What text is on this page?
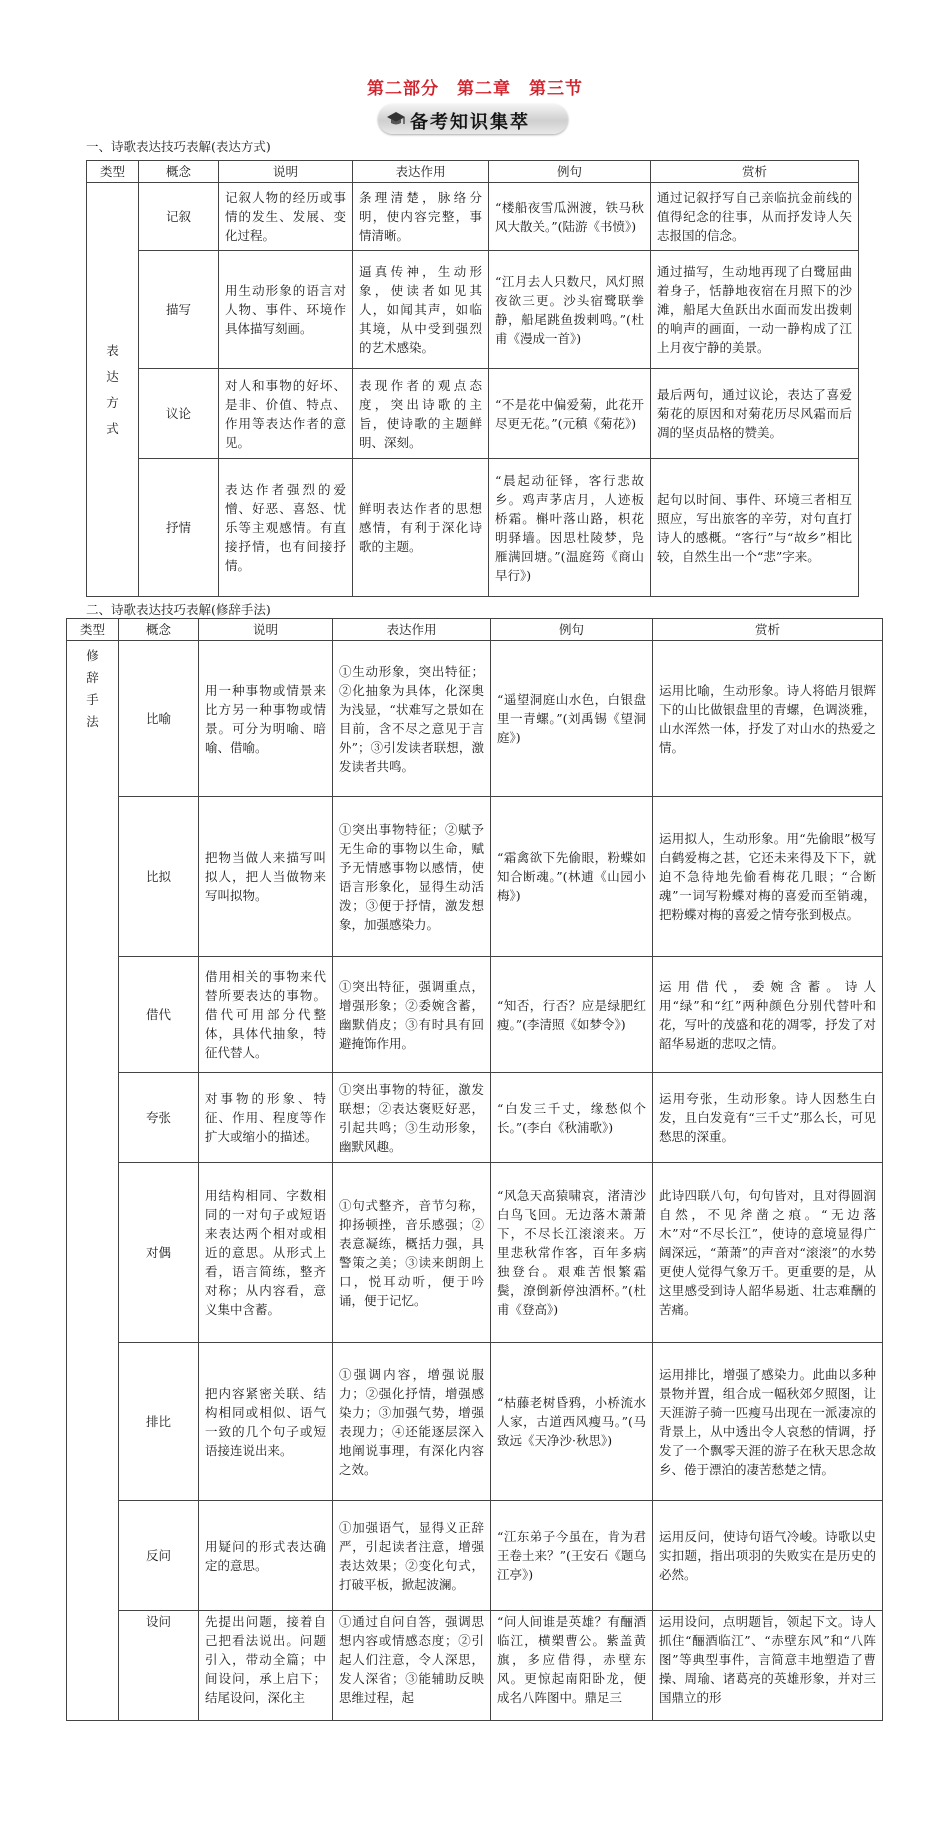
第二部分　第二章　第三节
备考知识集萃
一、诗歌表达技巧表解(表达方式)
类型	概念	说明	表达作用	例句	赏析

表达方式	记叙	记叙人物的经历或事情的发生、发展、变化过程。	条理清楚，脉络分明，使内容完整，事情清晰。	“楼船夜雪瓜洲渡，铁马秋风大散关。”(陆游《书愤》)	通过记叙抒写自己亲临抗金前线的值得纪念的往事，从而抒发诗人矢志报国的信念。
	描写	用生动形象的语言对人物、事件、环境作具体描写刻画。	逼真传神，生动形象，使读者如见其人，如闻其声，如临其境，从中受到强烈的艺术感染。	“江月去人只数尺，风灯照夜欲三更。沙头宿鹭联拳静，船尾跳鱼拨剌鸣。”(杜甫《漫成一首》)	通过描写，生动地再现了白鹭屈曲着身子，恬静地夜宿在月照下的沙滩，船尾大鱼跃出水面而发出拨刺的响声的画面，一动一静构成了江上月夜宁静的美景。
	议论	对人和事物的好坏、是非、价值、特点、作用等表达作者的意见。	表现作者的观点态度，突出诗歌的主旨，使诗歌的主题鲜明、深刻。	“不是花中偏爱菊，此花开尽更无花。”(元稹《菊花》)	最后两句，通过议论，表达了喜爱菊花的原因和对菊花历尽风霜而后凋的坚贞品格的赞美。
	抒情	表达作者强烈的爱憎、好恶、喜怒、忧乐等主观感情。有直接抒情，也有间接抒情。	鲜明表达作者的思想感情，有利于深化诗歌的主题。	“晨起动征铎，客行悲故乡。鸡声茅店月，人迹板桥霜。槲叶落山路，枳花明驿墙。因思杜陵梦，凫雁满回塘。”(温庭筠《商山早行》)	起句以时间、事件、环境三者相互照应，写出旅客的辛劳，对句直打诗人的感概。“客行”与“故乡”相比较，自然生出一个“悲”字来。
二、诗歌表达技巧表解(修辞手法)
类型	概念	说明	表达作用	例句	赏析

修辞手法	比喻	用一种事物或情景来比方另一种事物或情景。可分为明喻、暗喻、借喻。	①生动形象，突出特征；②化抽象为具体，化深奥为浅显，“状难写之景如在目前，含不尽之意见于言外”；③引发读者联想，激发读者共鸣。	“遥望洞庭山水色，白银盘里一青螺。”(刘禹锡《望洞庭》)	运用比喻，生动形象。诗人将皓月银辉下的山比做银盘里的青螺，色调淡雅，山水浑然一体，抒发了对山水的热爱之情。
	比拟	把物当做人来描写叫拟人，把人当做物来写叫拟物。	①突出事物特征；②赋予无生命的事物以生命，赋予无情感事物以感情，使语言形象化，显得生动活泼；③便于抒情，激发想象，加强感染力。	“霜禽欲下先偷眼，粉蝶如知合断魂。”(林逋《山园小梅》)	运用拟人，生动形象。用“先偷眼”极写白鹤爱梅之甚，它还未来得及下下，就迫不急待地先偷看梅花几眼；“合断魂”一词写粉蝶对梅的喜爱而至销魂，把粉蝶对梅的喜爱之情夸张到极点。
	借代	借用相关的事物来代替所要表达的事物。借代可用部分代整体，具体代抽象，特征代替人。	①突出特征，强调重点，增强形象；②委婉含蓄，幽默俏皮；③有时具有回避掩饰作用。	“知否，行否？应是绿肥红瘦。”(李清照《如梦令》)	运用借代，委婉含蓄。诗人用“绿”和“红”两种颜色分别代替叶和花，写叶的茂盛和花的凋零，抒发了对韶华易逝的悲叹之情。
	夸张	对事物的形象、特征、作用、程度等作扩大或缩小的描述。	①突出事物的特征，激发联想；②表达褒贬好恶，引起共鸣；③生动形象，幽默风趣。	“白发三千丈，缘愁似个长。”(李白《秋浦歌》)	运用夸张，生动形象。诗人因愁生白发，且白发竟有“三千丈”那么长，可见愁思的深重。
	对偶	用结构相同、字数相同的一对句子或短语来表达两个相对或相近的意思。从形式上看，语言简练，整齐对称；从内容看，意义集中含蓄。	①句式整齐，音节匀称，抑扬顿挫，音乐感强；②表意凝练，概括力强，具警策之美；③读来朗朗上口，悦耳动听，便于吟诵，便于记忆。	“风急天高猿啸哀，渚清沙白鸟飞回。无边落木萧萧下，不尽长江滚滚来。万里悲秋常作客，百年多病独登台。艰难苦恨繁霜鬓，潦倒新停浊酒杯。”(杜甫《登高》)	此诗四联八句，句句皆对，且对得圆润自然，不见斧凿之痕。“无边落木”对“不尽长江”，使诗的意境显得广阔深远，“萧萧”的声音对“滚滚”的水势更使人觉得气象万千。更重要的是，从这里感受到诗人韶华易逝、壮志难酬的苦痛。
	排比	把内容紧密关联、结构相同或相似、语气一致的几个句子或短语接连说出来。	①强调内容，增强说服力；②强化抒情，增强感染力；③加强气势，增强表现力；④还能逐层深入地阐说事理，有深化内容之效。	“枯藤老树昏鸦，小桥流水人家，古道西风瘦马。”(马致远《天净沙·秋思》)	运用排比，增强了感染力。此曲以多种景物并置，组合成一幅秋郊夕照图，让天涯游子骑一匹瘦马出现在一派凄凉的背景上，从中透出令人哀愁的情调，抒发了一个飘零天涯的游子在秋天思念故乡、倦于漂泊的凄苦愁楚之情。
	反问	用疑问的形式表达确定的意思。	①加强语气，显得义正辞严，引起读者注意，增强表达效果；②变化句式，打破平板，掀起波澜。	“江东弟子今虽在，肯为君王卷土来？”(王安石《题乌江亭》)	运用反问，使诗句语气冷峻。诗歌以史实扣题，指出项羽的失败实在是历史的必然。
	设问	先提出问题，接着自己把看法说出。问题引入，带动全篇；中间设问，承上启下；结尾设问，深化主	①通过自问自答，强调思想内容或情感态度；②引起人们注意，令人深思，发人深省；③能辅助反映思维过程，起	“问人间谁是英雄？有酾酒临江，横槊曹公。紫盖黄旗，多应借得，赤壁东风。更惊起南阳卧龙，便成名八阵图中。鼎足三	运用设问，点明题旨，领起下文。诗人抓住“酾酒临江”、“赤壁东风”和“八阵图”等典型事件，言简意丰地塑造了曹操、周瑜、诸葛亮的英雄形象，并对三国鼎立的形
